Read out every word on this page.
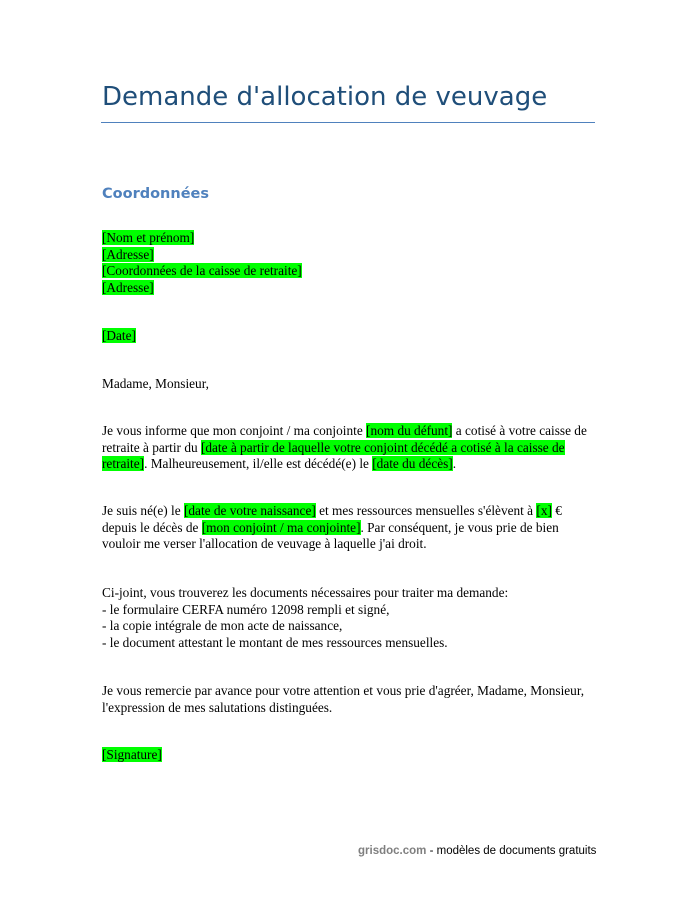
Demande d'allocation de veuvage
Coordonnées
[Nom et prénom]
[Adresse]
[Coordonnées de la caisse de retraite]
[Adresse]
[Date]
Madame, Monsieur,
Je vous informe que mon conjoint / ma conjointe [nom du défunt] a cotisé à votre caisse de
retraite à partir du [date à partir de laquelle votre conjoint décédé a cotisé à la caisse de
retraite]. Malheureusement, il/elle est décédé(e) le [date du décès].
Je suis né(e) le [date de votre naissance] et mes ressources mensuelles s'élèvent à [x] €
depuis le décès de [mon conjoint / ma conjointe]. Par conséquent, je vous prie de bien
vouloir me verser l'allocation de veuvage à laquelle j'ai droit.
Ci-joint, vous trouverez les documents nécessaires pour traiter ma demande:
- le formulaire CERFA numéro 12098 rempli et signé,
- la copie intégrale de mon acte de naissance,
- le document attestant le montant de mes ressources mensuelles.
Je vous remercie par avance pour votre attention et vous prie d'agréer, Madame, Monsieur,
l'expression de mes salutations distinguées.
[Signature]
grisdoc.com - modèles de documents gratuits
